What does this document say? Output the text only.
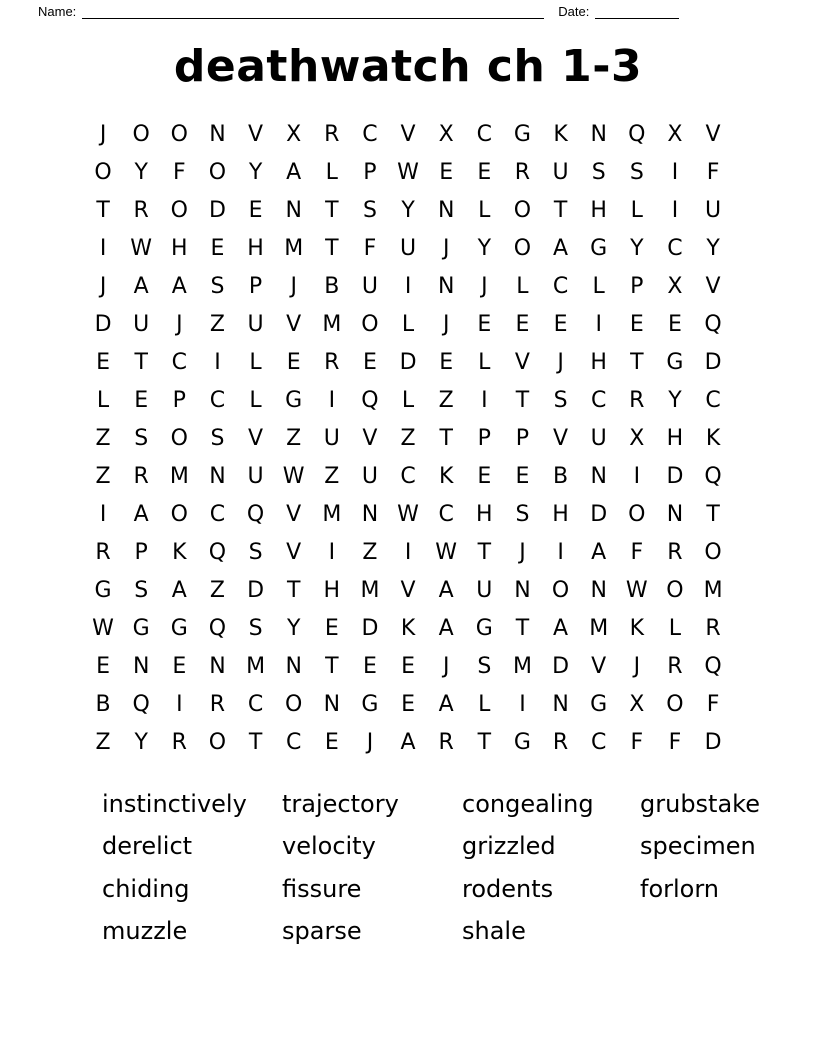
Name:	Date:
deathwatch ch 1-3
J	O O N	V	X	R	C	V	X	C G	K	N Q X	V
O	Y	F	O	Y	A	L	P W E	E	R	U	S	S	I	F
T	R O D	E	N	T	S	Y	N	L	O	T	H	L	I	U
I	W H	E	H M T	F	U	J	Y	O A	G	Y	C	Y
J	A	A	S	P	J	B	U	I	N	J	L	C	L	P	X	V
D U	J	Z	U	V M O	L	J	E	E	E	I	E	E	Q
E	T	C	I	L	E	R	E	D	E	L	V	J	H	T	G D
L	E	P	C	L	G	I	Q	L	Z	I	T	S	C	R	Y	C
Z	S	O	S	V	Z	U	V	Z	T	P	P	V	U	X	H	K
Z	R M N U W Z	U	C	K	E	E	B	N	I	D Q
I	A O C Q V M N W C	H	S	H D O N	T
R	P	K	Q	S	V	I	Z	I	W T	J	I	A	F	R O
G	S	A	Z	D	T	H M V	A	U N O N W O M
W G G Q	S	Y	E	D	K	A	G	T	A M K	L	R
E	N	E	N M N	T	E	E	J	S M D	V	J	R Q
B Q	I	R	C O N G	E	A	L	I	N G	X O	F
Z	Y	R O	T	C	E	J	A	R	T	G R	C	F	F	D
instinctively	trajectory	congealing	grubstake
derelict	velocity	grizzled	specimen
chiding	fissure	rodents	forlorn
muzzle	sparse	shale
